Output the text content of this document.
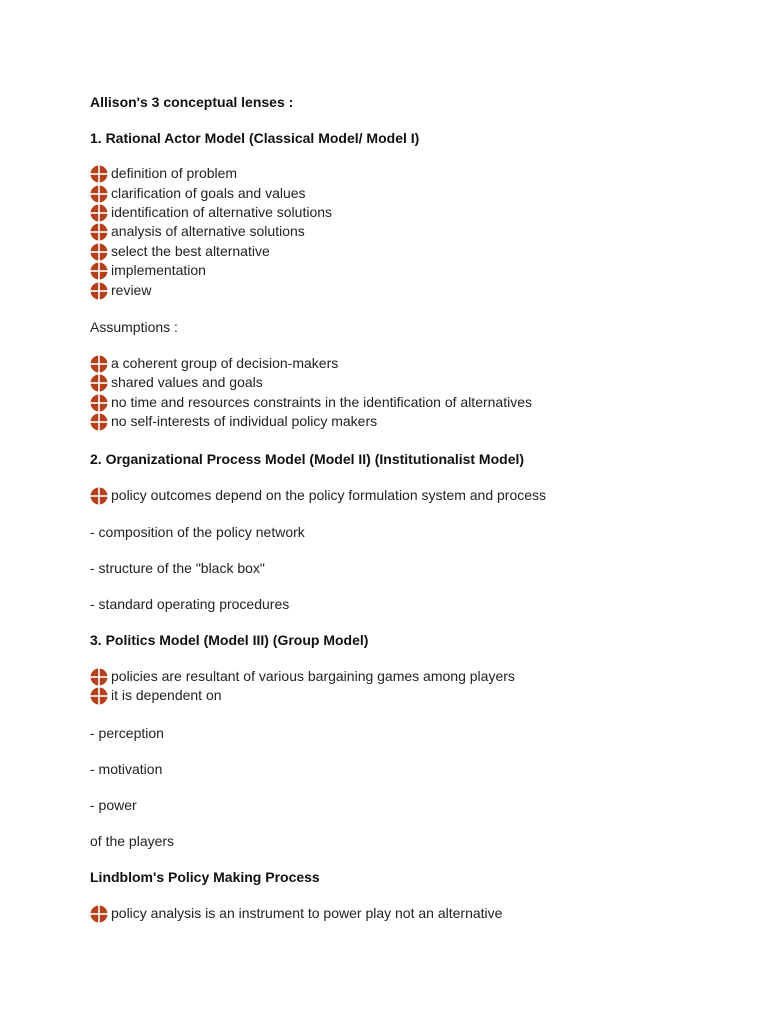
Allison's 3 conceptual lenses :
1. Rational Actor Model (Classical Model/ Model I)
definition of problem
clarification of goals and values
identification of alternative solutions
analysis of alternative solutions
select the best alternative
implementation
review
Assumptions :
a coherent group of decision-makers
shared values and goals
no time and resources constraints in the identification of alternatives
no self-interests of individual policy makers
2. Organizational Process Model (Model II) (Institutionalist Model)
policy outcomes depend on the policy formulation system and process
- composition of the policy network
- structure of the "black box"
- standard operating procedures
3. Politics Model (Model III) (Group Model)
policies are resultant of various bargaining games among players
it is dependent on
- perception
- motivation
- power
of the players
Lindblom's Policy Making Process
policy analysis is an instrument to power play not an alternative
